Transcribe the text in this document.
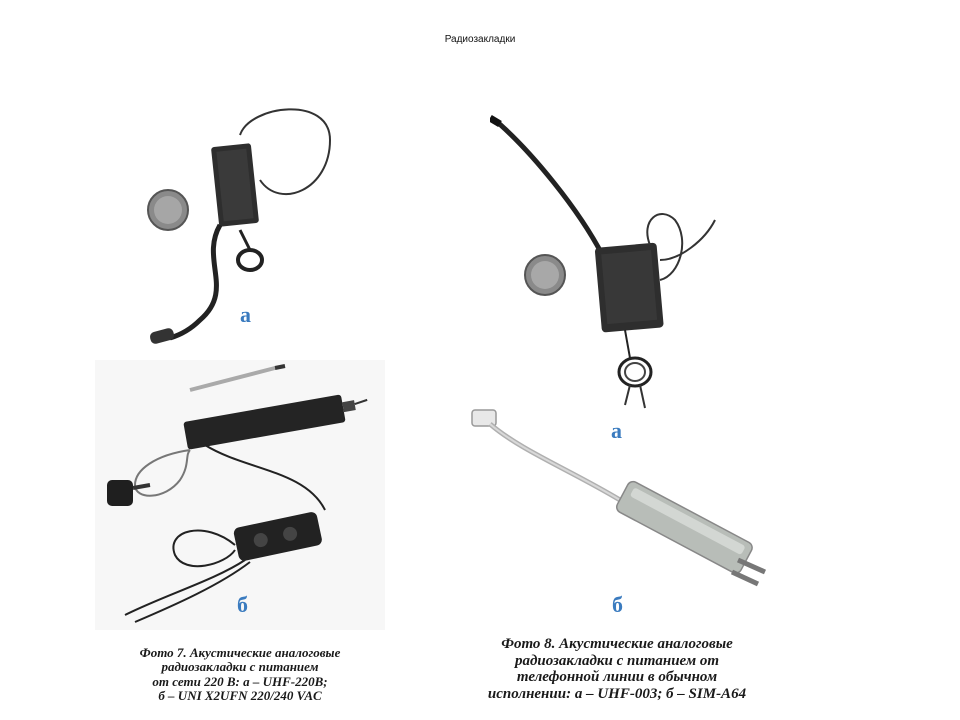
Радиозакладки
а
б
Фото 7. Акустические аналоговые
радиозакладки с питанием
от сети 220 В: а – UHF-220В;
б – UNI X2UFN 220/240 VAC
а
б
Фото 8. Акустические аналоговые
радиозакладки с питанием от
телефонной линии в обычном
исполнении: а – UHF-003; б – SIM-A64
